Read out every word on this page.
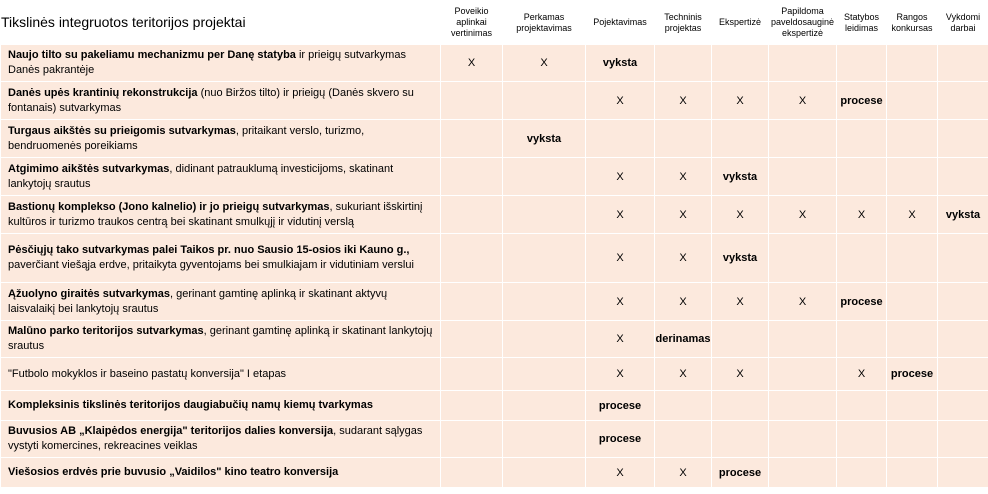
Tikslinės integruotos teritorijos projektai	Poveikio aplinkai vertinimas	Perkamas projektavimas	Pojektavimas	Techninis projektas	Ekspertizė	Papildoma paveldosauginė ekspertizė	Statybos leidimas	Rangos konkursas	Vykdomi darbai
Naujo tilto su pakeliamu mechanizmu per Danę statyba ir prieigų sutvarkymas Danės pakrantėje	X	X	vyksta						
Danės upės krantinių rekonstrukcija (nuo Biržos tilto) ir prieigų (Danės skvero su fontanais) sutvarkymas			X	X	X	X	procese		
Turgaus aikštės su prieigomis sutvarkymas, pritaikant verslo, turizmo, bendruomenės poreikiams		vyksta							
Atgimimo aikštės sutvarkymas, didinant patrauklumą investicijoms, skatinant lankytojų srautus			X	X	vyksta				
Bastionų komplekso (Jono kalnelio) ir jo prieigų sutvarkymas, sukuriant išskirtinį kultūros ir turizmo traukos centrą bei skatinant smulkųjį ir vidutinį verslą			X	X	X	X	X	X	vyksta
Pėsčiųjų tako sutvarkymas palei Taikos pr. nuo Sausio 15-osios iki Kauno g., paverčiant viešąja erdve, pritaikyta gyventojams bei smulkiajam ir vidutiniam verslui			X	X	vyksta				
Ąžuolyno giraitės sutvarkymas, gerinant gamtinę aplinką ir skatinant aktyvų laisvalaikį bei lankytojų srautus			X	X	X	X	procese		
Malūno parko teritorijos sutvarkymas, gerinant gamtinę aplinką ir skatinant lankytojų srautus			X	derinamas					
"Futbolo mokyklos ir baseino pastatų konversija" I etapas			X	X	X		X	procese	
Kompleksinis tikslinės teritorijos daugiabučių namų kiemų tvarkymas			procese						
Buvusios AB „Klaipėdos energija" teritorijos dalies konversija, sudarant sąlygas vystyti komercines, rekreacines veiklas			procese						
Viešosios erdvės prie buvusio „Vaidilos" kino teatro konversija			X	X	procese				
